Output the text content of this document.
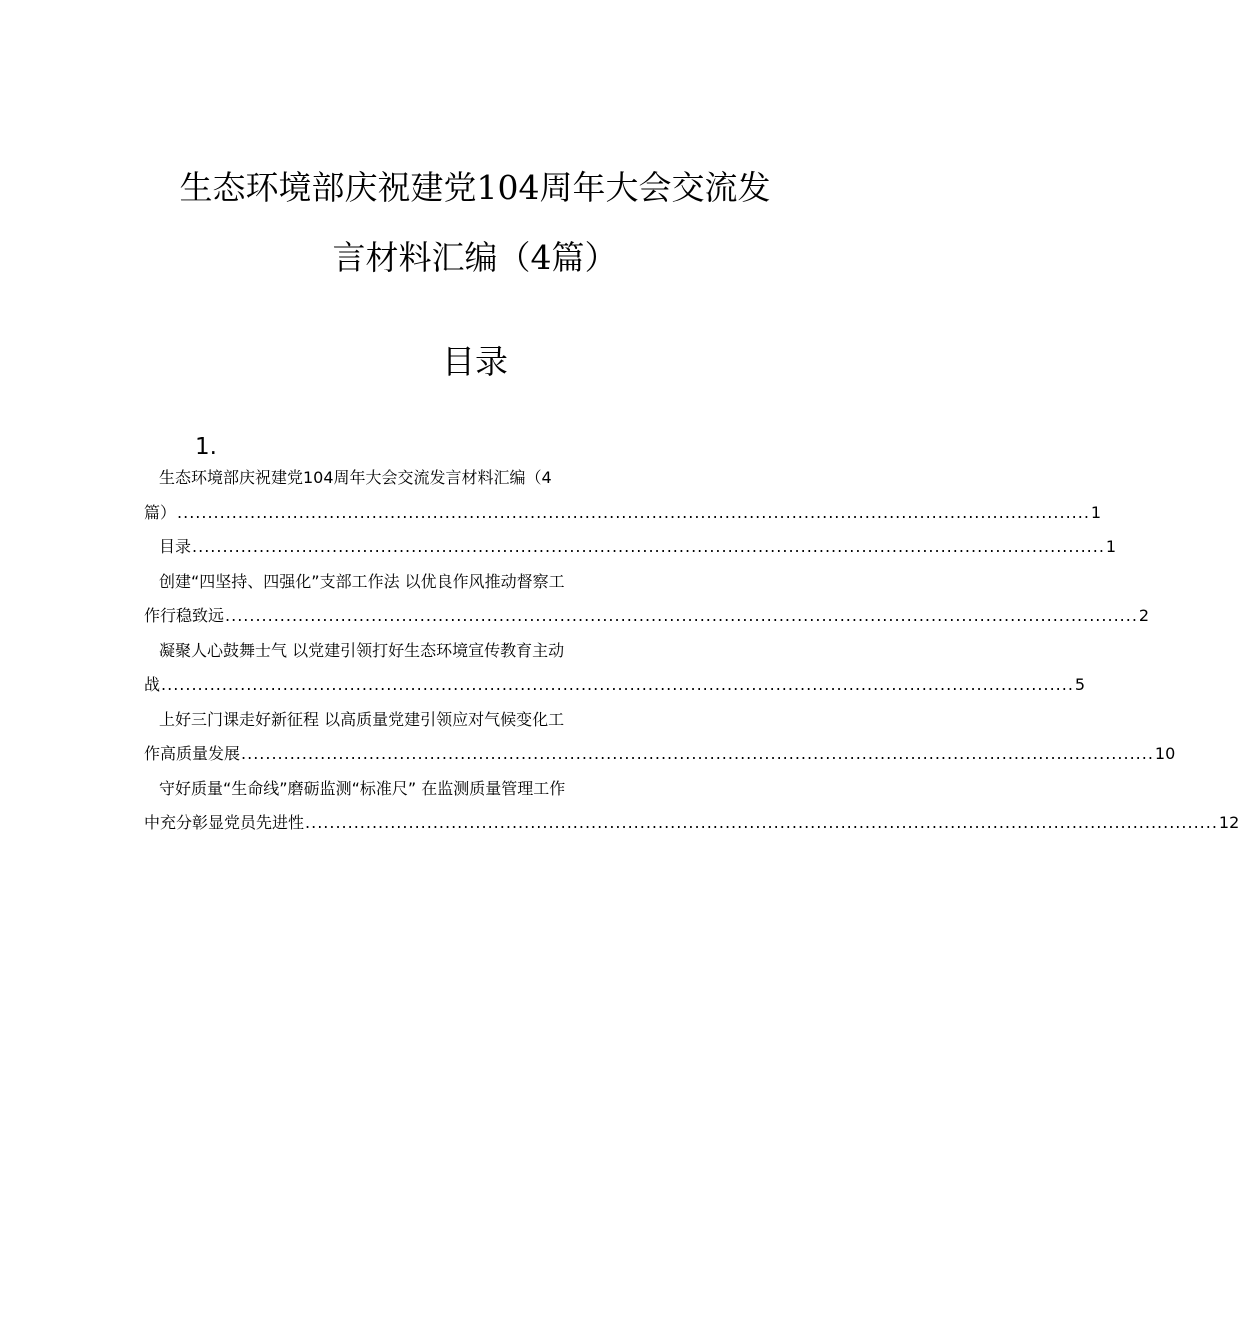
生态环境部庆祝建党104周年大会交流发
言材料汇编（4篇）
目录
1.
生态环境部庆祝建党104周年大会交流发言材料汇编（4
篇） ...................................................................................................................................................... 1
目录 ...................................................................................................................................................... 1
创建“四坚持、四强化”支部工作法 以优良作风推动督察工
作行稳致远 ...................................................................................................................................................... 2
凝聚人心鼓舞士气 以党建引领打好生态环境宣传教育主动
战 ...................................................................................................................................................... 5
上好三门课走好新征程 以高质量党建引领应对气候变化工
作高质量发展 ...................................................................................................................................................... 10
守好质量“生命线”磨砺监测“标准尺” 在监测质量管理工作
中充分彰显党员先进性 ...................................................................................................................................................... 12
